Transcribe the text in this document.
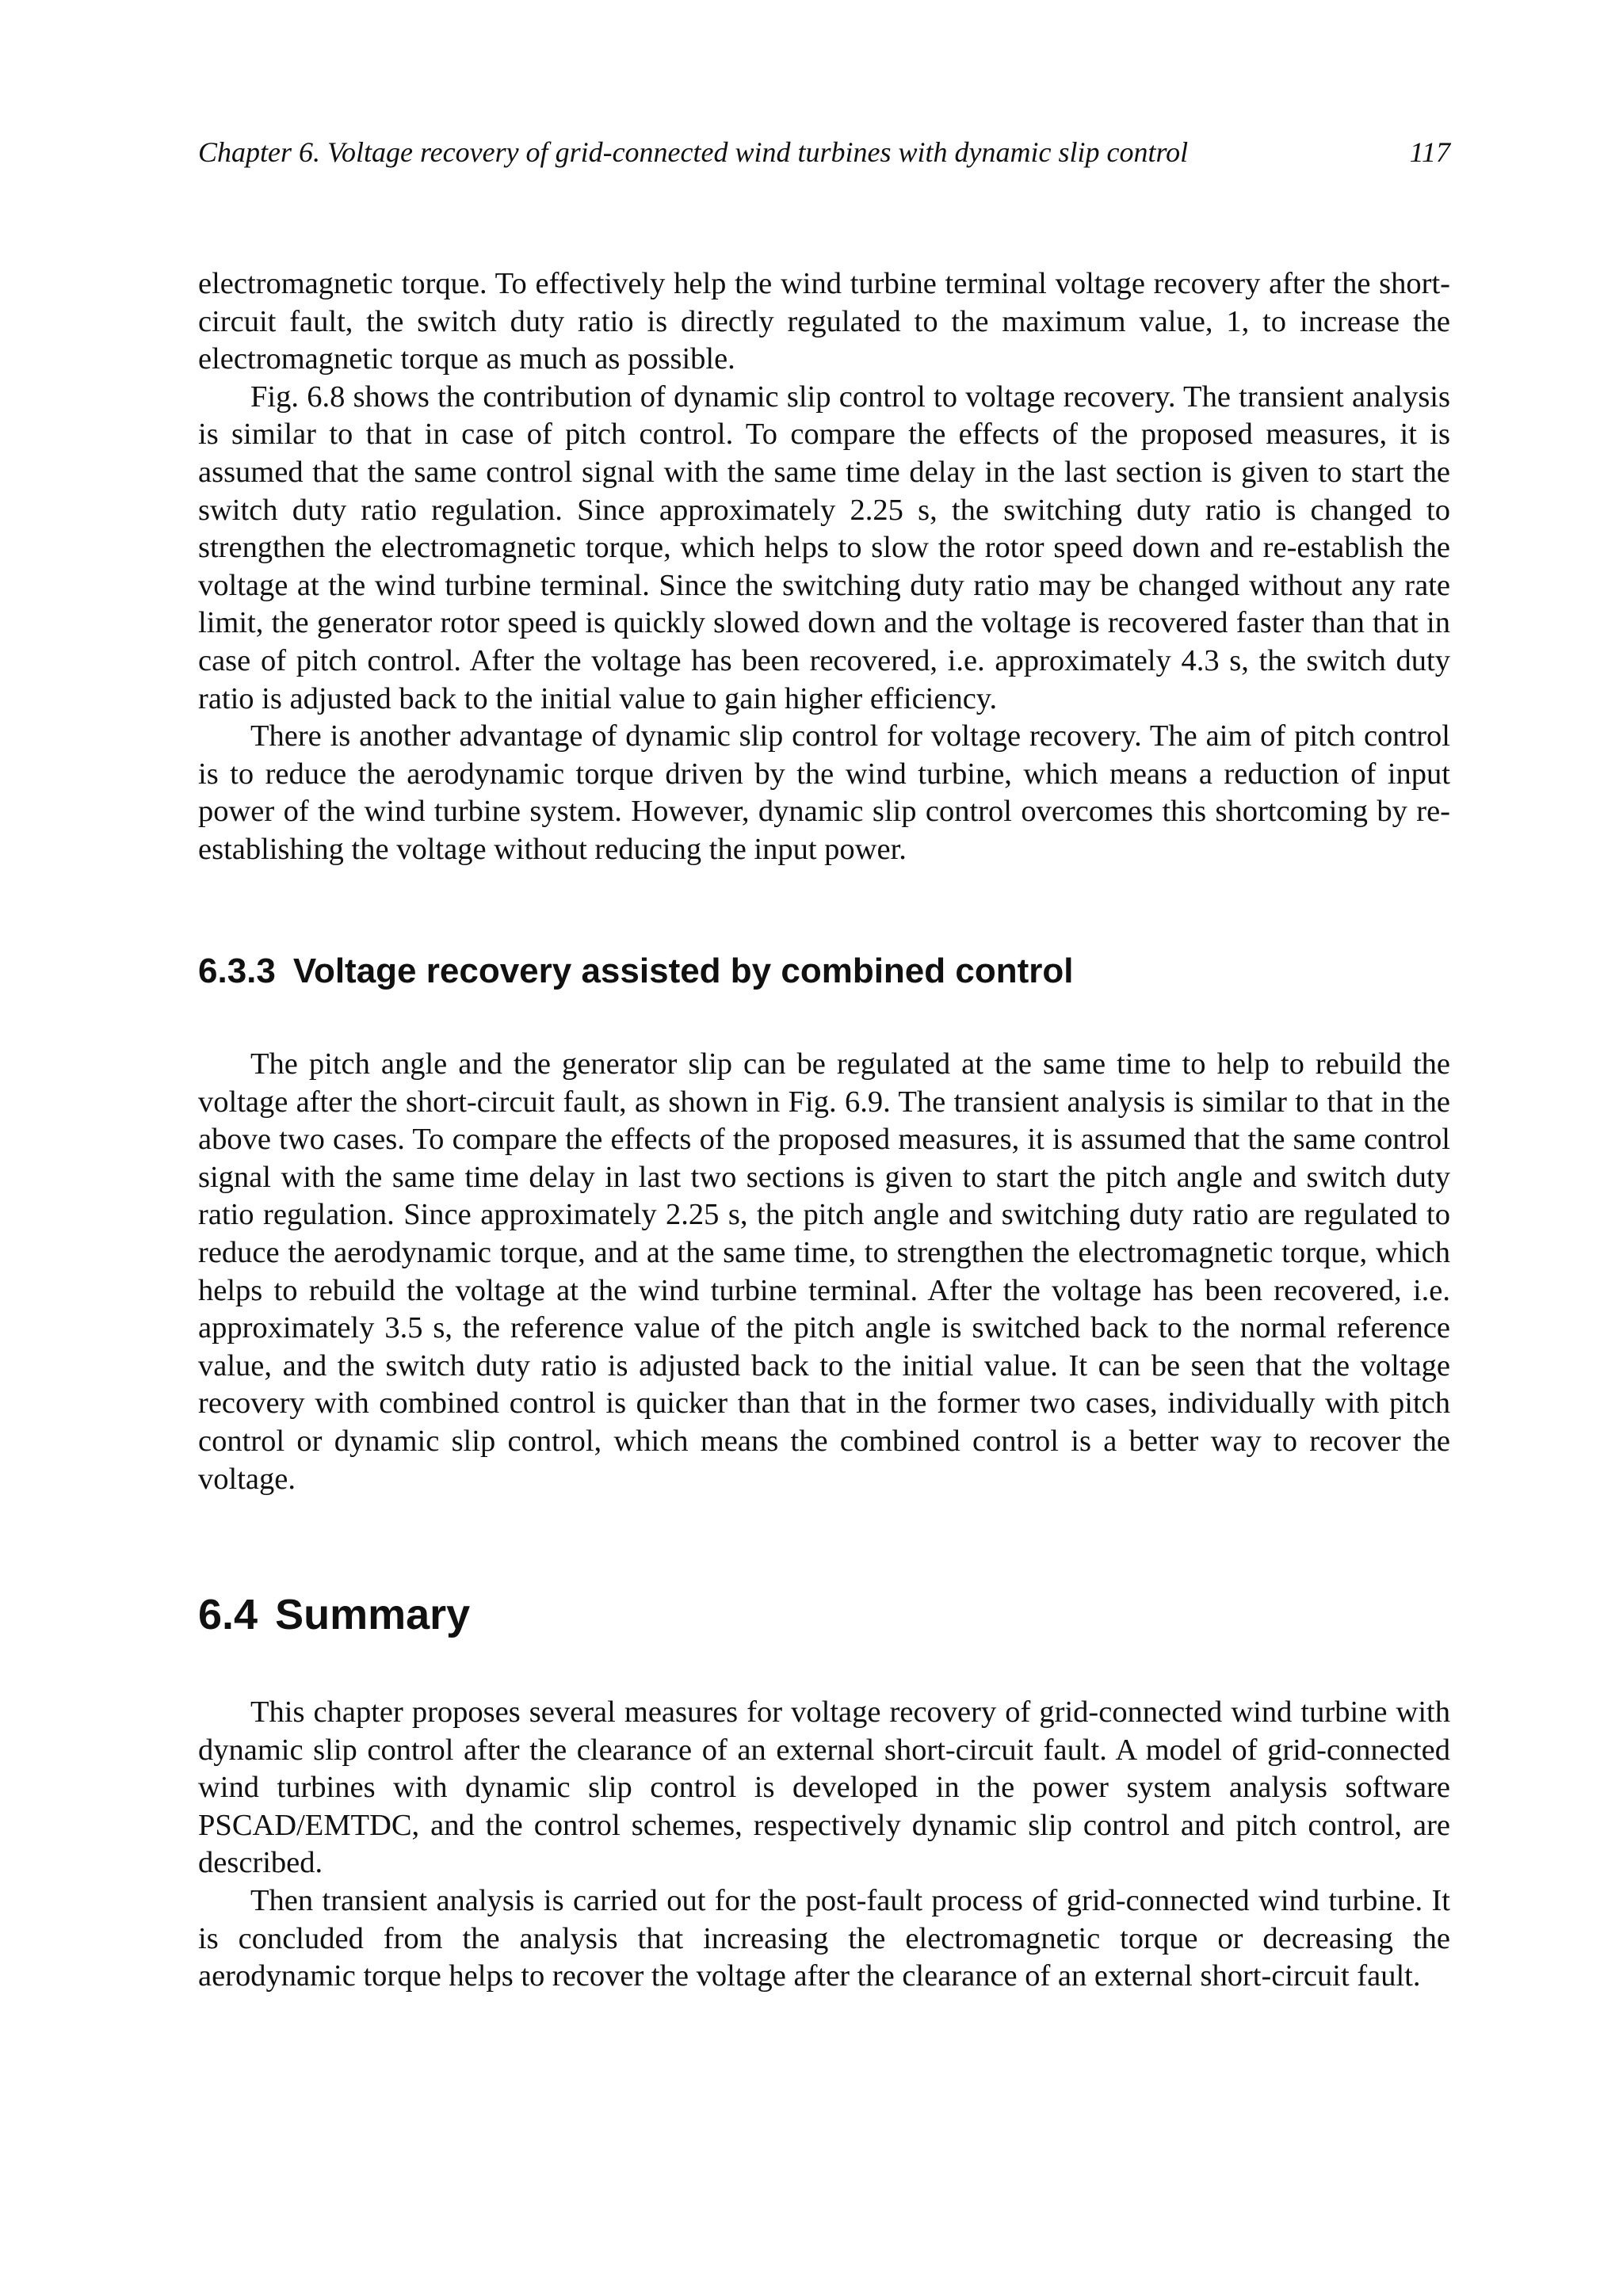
Chapter 6. Voltage recovery of grid-connected wind turbines with dynamic slip control	117

electromagnetic torque. To effectively help the wind turbine terminal voltage recovery after the short-circuit fault, the switch duty ratio is directly regulated to the maximum value, 1, to increase the electromagnetic torque as much as possible.

Fig. 6.8 shows the contribution of dynamic slip control to voltage recovery. The transient analysis is similar to that in case of pitch control. To compare the effects of the proposed measures, it is assumed that the same control signal with the same time delay in the last section is given to start the switch duty ratio regulation. Since approximately 2.25 s, the switching duty ratio is changed to strengthen the electromagnetic torque, which helps to slow the rotor speed down and re-establish the voltage at the wind turbine terminal. Since the switching duty ratio may be changed without any rate limit, the generator rotor speed is quickly slowed down and the voltage is recovered faster than that in case of pitch control. After the voltage has been recovered, i.e. approximately 4.3 s, the switch duty ratio is adjusted back to the initial value to gain higher efficiency.

There is another advantage of dynamic slip control for voltage recovery. The aim of pitch control is to reduce the aerodynamic torque driven by the wind turbine, which means a reduction of input power of the wind turbine system. However, dynamic slip control overcomes this shortcoming by re-establishing the voltage without reducing the input power.

6.3.3 Voltage recovery assisted by combined control

The pitch angle and the generator slip can be regulated at the same time to help to rebuild the voltage after the short-circuit fault, as shown in Fig. 6.9. The transient analysis is similar to that in the above two cases. To compare the effects of the proposed measures, it is assumed that the same control signal with the same time delay in last two sections is given to start the pitch angle and switch duty ratio regulation. Since approximately 2.25 s, the pitch angle and switching duty ratio are regulated to reduce the aerodynamic torque, and at the same time, to strengthen the electromagnetic torque, which helps to rebuild the voltage at the wind turbine terminal. After the voltage has been recovered, i.e. approximately 3.5 s, the reference value of the pitch angle is switched back to the normal reference value, and the switch duty ratio is adjusted back to the initial value. It can be seen that the voltage recovery with combined control is quicker than that in the former two cases, individually with pitch control or dynamic slip control, which means the combined control is a better way to recover the voltage.

6.4 Summary

This chapter proposes several measures for voltage recovery of grid-connected wind turbine with dynamic slip control after the clearance of an external short-circuit fault. A model of grid-connected wind turbines with dynamic slip control is developed in the power system analysis software PSCAD/EMTDC, and the control schemes, respectively dynamic slip control and pitch control, are described.

Then transient analysis is carried out for the post-fault process of grid-connected wind turbine. It is concluded from the analysis that increasing the electromagnetic torque or decreasing the aerodynamic torque helps to recover the voltage after the clearance of an external short-circuit fault.
